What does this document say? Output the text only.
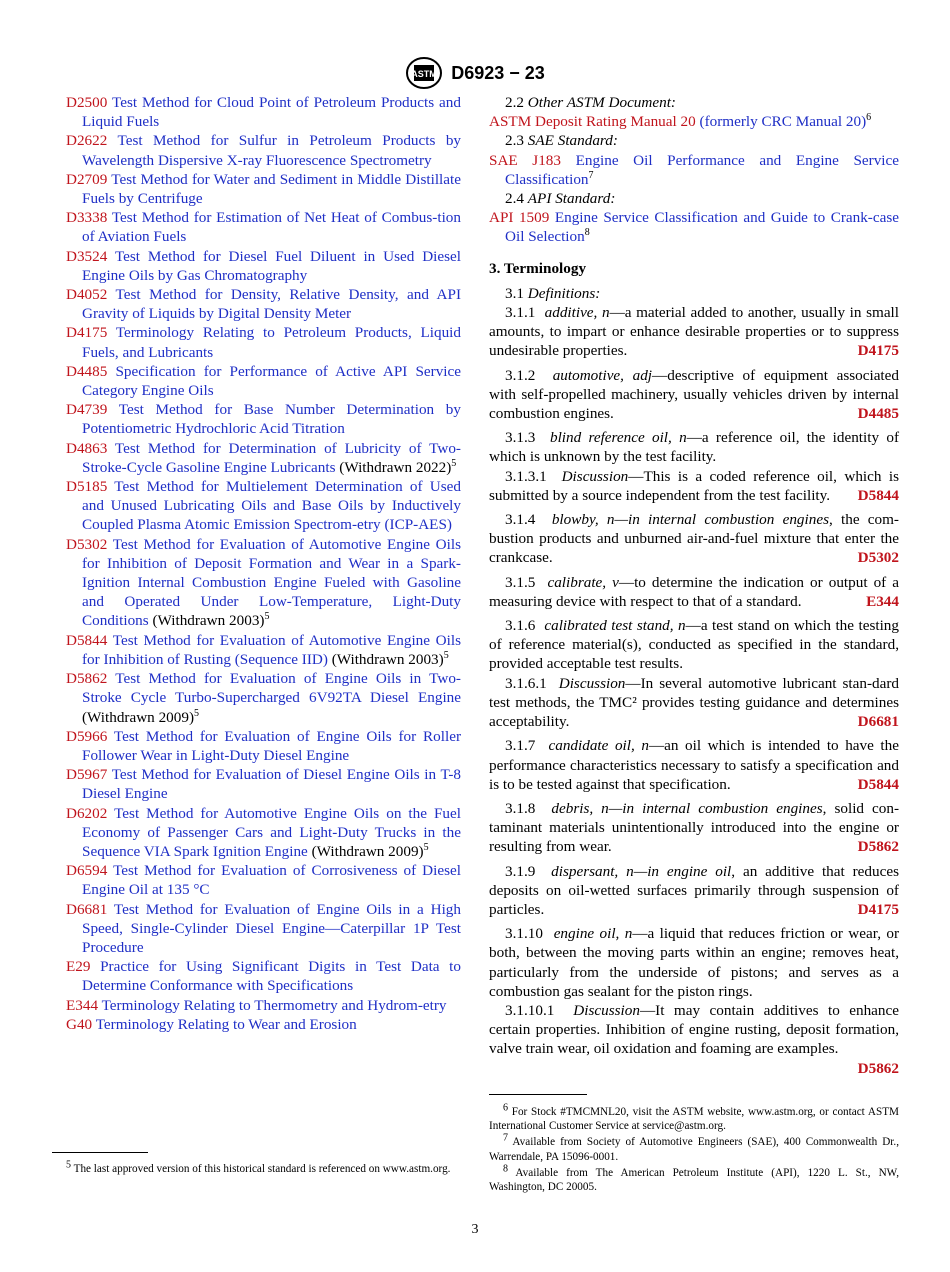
ASTM D6923 − 23

D2500 Test Method for Cloud Point of Petroleum Products and Liquid Fuels

D2622 Test Method for Sulfur in Petroleum Products by Wavelength Dispersive X-ray Fluorescence Spectrometry

D2709 Test Method for Water and Sediment in Middle Distillate Fuels by Centrifuge

D3338 Test Method for Estimation of Net Heat of Combus-tion of Aviation Fuels

D3524 Test Method for Diesel Fuel Diluent in Used Diesel Engine Oils by Gas Chromatography

D4052 Test Method for Density, Relative Density, and API Gravity of Liquids by Digital Density Meter

D4175 Terminology Relating to Petroleum Products, Liquid Fuels, and Lubricants

D4485 Specification for Performance of Active API Service Category Engine Oils

D4739 Test Method for Base Number Determination by Potentiometric Hydrochloric Acid Titration

D4863 Test Method for Determination of Lubricity of Two-Stroke-Cycle Gasoline Engine Lubricants (Withdrawn 2022)$^5$

D5185 Test Method for Multielement Determination of Used and Unused Lubricating Oils and Base Oils by Inductively Coupled Plasma Atomic Emission Spectrom-etry (ICP-AES)

D5302 Test Method for Evaluation of Automotive Engine Oils for Inhibition of Deposit Formation and Wear in a Spark-Ignition Internal Combustion Engine Fueled with Gasoline and Operated Under Low-Temperature, Light-Duty Conditions (Withdrawn 2003)$^5$

D5844 Test Method for Evaluation of Automotive Engine Oils for Inhibition of Rusting (Sequence IID) (Withdrawn 2003)$^5$

D5862 Test Method for Evaluation of Engine Oils in Two-Stroke Cycle Turbo-Supercharged 6V92TA Diesel Engine (Withdrawn 2009)$^5$

D5966 Test Method for Evaluation of Engine Oils for Roller Follower Wear in Light-Duty Diesel Engine

D5967 Test Method for Evaluation of Diesel Engine Oils in T-8 Diesel Engine

D6202 Test Method for Automotive Engine Oils on the Fuel Economy of Passenger Cars and Light-Duty Trucks in the Sequence VIA Spark Ignition Engine (Withdrawn 2009)$^5$

D6594 Test Method for Evaluation of Corrosiveness of Diesel Engine Oil at 135 °C

D6681 Test Method for Evaluation of Engine Oils in a High Speed, Single-Cylinder Diesel Engine—Caterpillar 1P Test Procedure

E29 Practice for Using Significant Digits in Test Data to Determine Conformance with Specifications

E344 Terminology Relating to Thermometry and Hydrom-etry

G40 Terminology Relating to Wear and Erosion

$^5$ The last approved version of this historical standard is referenced on www.astm.org.

2.2 Other ASTM Document:

ASTM Deposit Rating Manual 20 (formerly CRC Manual 20)$^6$

2.3 SAE Standard:

SAE J183 Engine Oil Performance and Engine Service Classification$^7$

2.4 API Standard:

API 1509 Engine Service Classification and Guide to Crank-case Oil Selection$^8$

3. Terminology

3.1 Definitions:

3.1.1 additive, n—a material added to another, usually in small amounts, to impart or enhance desirable properties or to suppress undesirable properties.	D4175

3.1.2 automotive, adj—descriptive of equipment associated with self-propelled machinery, usually vehicles driven by internal combustion engines.	D4485

3.1.3 blind reference oil, n—a reference oil, the identity of which is unknown by the test facility.

3.1.3.1 Discussion—This is a coded reference oil, which is submitted by a source independent from the test facility.	D5844

3.1.4 blowby, n—in internal combustion engines, the com-bustion products and unburned air-and-fuel mixture that enter the crankcase.	D5302

3.1.5 calibrate, v—to determine the indication or output of a measuring device with respect to that of a standard.	E344

3.1.6 calibrated test stand, n—a test stand on which the testing of reference material(s), conducted as specified in the standard, provided acceptable test results.

3.1.6.1 Discussion—In several automotive lubricant stan-dard test methods, the TMC² provides testing guidance and determines acceptability.	D6681

3.1.7 candidate oil, n—an oil which is intended to have the performance characteristics necessary to satisfy a specification and is to be tested against that specification.	D5844

3.1.8 debris, n—in internal combustion engines, solid con-taminant materials unintentionally introduced into the engine or resulting from wear.	D5862

3.1.9 dispersant, n—in engine oil, an additive that reduces deposits on oil-wetted surfaces primarily through suspension of particles.	D4175

3.1.10 engine oil, n—a liquid that reduces friction or wear, or both, between the moving parts within an engine; removes heat, particularly from the underside of pistons; and serves as a combustion gas sealant for the piston rings.

3.1.10.1 Discussion—It may contain additives to enhance certain properties. Inhibition of engine rusting, deposit formation, valve train wear, oil oxidation and foaming are examples.
D5862

$^6$ For Stock #TMCMNL20, visit the ASTM website, www.astm.org, or contact ASTM International Customer Service at service@astm.org.

$^7$ Available from Society of Automotive Engineers (SAE), 400 Commonwealth Dr., Warrendale, PA 15096-0001.

$^8$ Available from The American Petroleum Institute (API), 1220 L. St., NW, Washington, DC 20005.

3
